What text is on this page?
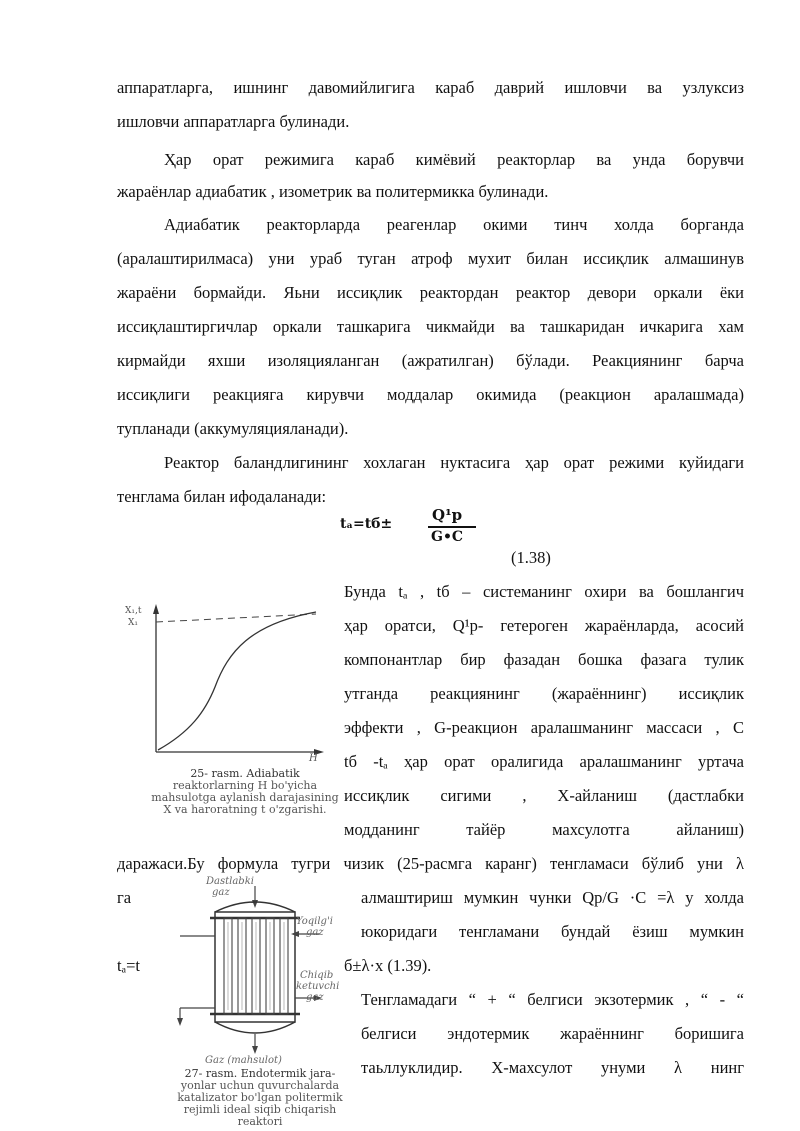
аппаратларга, ишнинг давомийлигига караб даврий ишловчи ва узлуксиз
ишловчи аппаратларга булинади.
Ҳар орат режимига караб кимёвий реакторлар ва унда борувчи
жараёнлар адиабатик , изометрик ва политермикка булинади.
Адиабатик реакторларда реагенлар окими тинч холда борганда
(аралаштирилмаса) уни ураб туган атроф мухит билан иссиқлик алмашинув
жараёни бормайди. Яьни иссиқлик реактордан реактор девори оркали ёки
иссиқлаштиргичлар оркали ташкарига чикмайди ва ташкаридан ичкарига хам
кирмайди яхши изоляцияланган (ажратилган) бўлади. Реакциянинг барча
иссиқлиги реакцияга кирувчи моддалар окимида (реакцион аралашмада)
тупланади (аккумуляцияланади).
Реактор баландлигининг хохлаган нуктасига ҳар орат режими куйидаги
тенглама билан ифодаланади:
tₐ=tб±	Q¹p
G•C
(1.38)
X₁,t
X₁
H
25- rasm. Adiabatik
reaktorlarning H bo'yicha
mahsulotga aylanish darajasining
X va haroratning t o'zgarishi.
Бунда tₐ , tб – системанинг охири ва бошлангич
ҳар оратси, Q¹p- гетероген жараёнларда, асосий
компонантлар бир фазадан бошка фазага тулик
утганда реакциянинг (жараённинг) иссиқлик
эффекти , G-реакцион аралашманинг массаси , C
tб -tₐ ҳар орат оралигида аралашманинг уртача
иссиқлик сигими , X-айланиш (дастлабки
модданинг тайёр махсулотга айланиш)
даражаси.Бу формула тугри чизик (25-расмга каранг) тенгламаси бўлиб уни λ
га
tₐ=t
алмаштириш мумкин чунки Qp/G ·C =λ у холда
юкоридаги тенгламани бундай ёзиш мумкин
б±λ·x (1.39).
Тенгламадаги “ + “ белгиси экзотермик , “ - “
белгиси эндотермик жараённинг боришига
таьллуклидир. X-махсулот унуми λ нинг
Dastlabki
gaz
Yoqilg'i
gaz
Chiqib
ketuvchi
gaz
Gaz (mahsulot)
27- rasm. Endotermik jara-
yonlar uchun quvurchalarda
katalizator bo'lgan politermik
rejimli ideal siqib chiqarish
reaktori
